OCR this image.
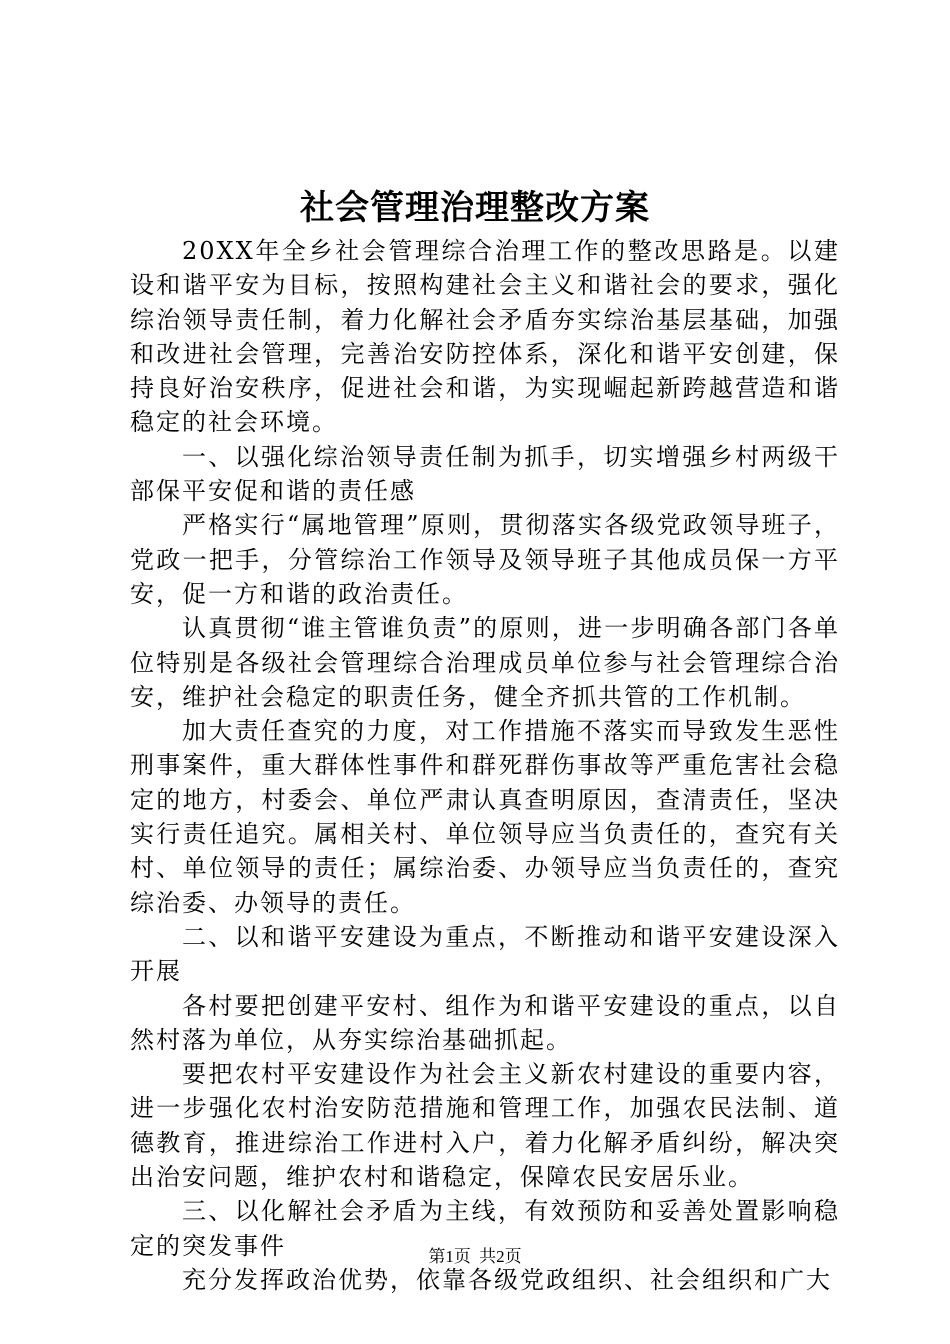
社会管理治理整改方案

20XX年全乡社会管理综合治理工作的整改思路是。以建设和谐平安为目标，按照构建社会主义和谐社会的要求，强化综治领导责任制，着力化解社会矛盾夯实综治基层基础，加强和改进社会管理，完善治安防控体系，深化和谐平安创建，保持良好治安秩序，促进社会和谐，为实现崛起新跨越营造和谐稳定的社会环境。

一、以强化综治领导责任制为抓手，切实增强乡村两级干部保平安促和谐的责任感

严格实行“属地管理”原则，贯彻落实各级党政领导班子，党政一把手，分管综治工作领导及领导班子其他成员保一方平安，促一方和谐的政治责任。

认真贯彻“谁主管谁负责”的原则，进一步明确各部门各单位特别是各级社会管理综合治理成员单位参与社会管理综合治安，维护社会稳定的职责任务，健全齐抓共管的工作机制。

加大责任查究的力度，对工作措施不落实而导致发生恶性刑事案件，重大群体性事件和群死群伤事故等严重危害社会稳定的地方，村委会、单位严肃认真查明原因，查清责任，坚决实行责任追究。属相关村、单位领导应当负责任的，查究有关村、单位领导的责任；属综治委、办领导应当负责任的，查究综治委、办领导的责任。

二、以和谐平安建设为重点，不断推动和谐平安建设深入开展

各村要把创建平安村、组作为和谐平安建设的重点，以自然村落为单位，从夯实综治基础抓起。

要把农村平安建设作为社会主义新农村建设的重要内容，进一步强化农村治安防范措施和管理工作，加强农民法制、道德教育，推进综治工作进村入户，着力化解矛盾纠纷，解决突出治安问题，维护农村和谐稳定，保障农民安居乐业。

三、以化解社会矛盾为主线，有效预防和妥善处置影响稳定的突发事件

充分发挥政治优势，依靠各级党政组织、社会组织和广大

第1页 共2页
